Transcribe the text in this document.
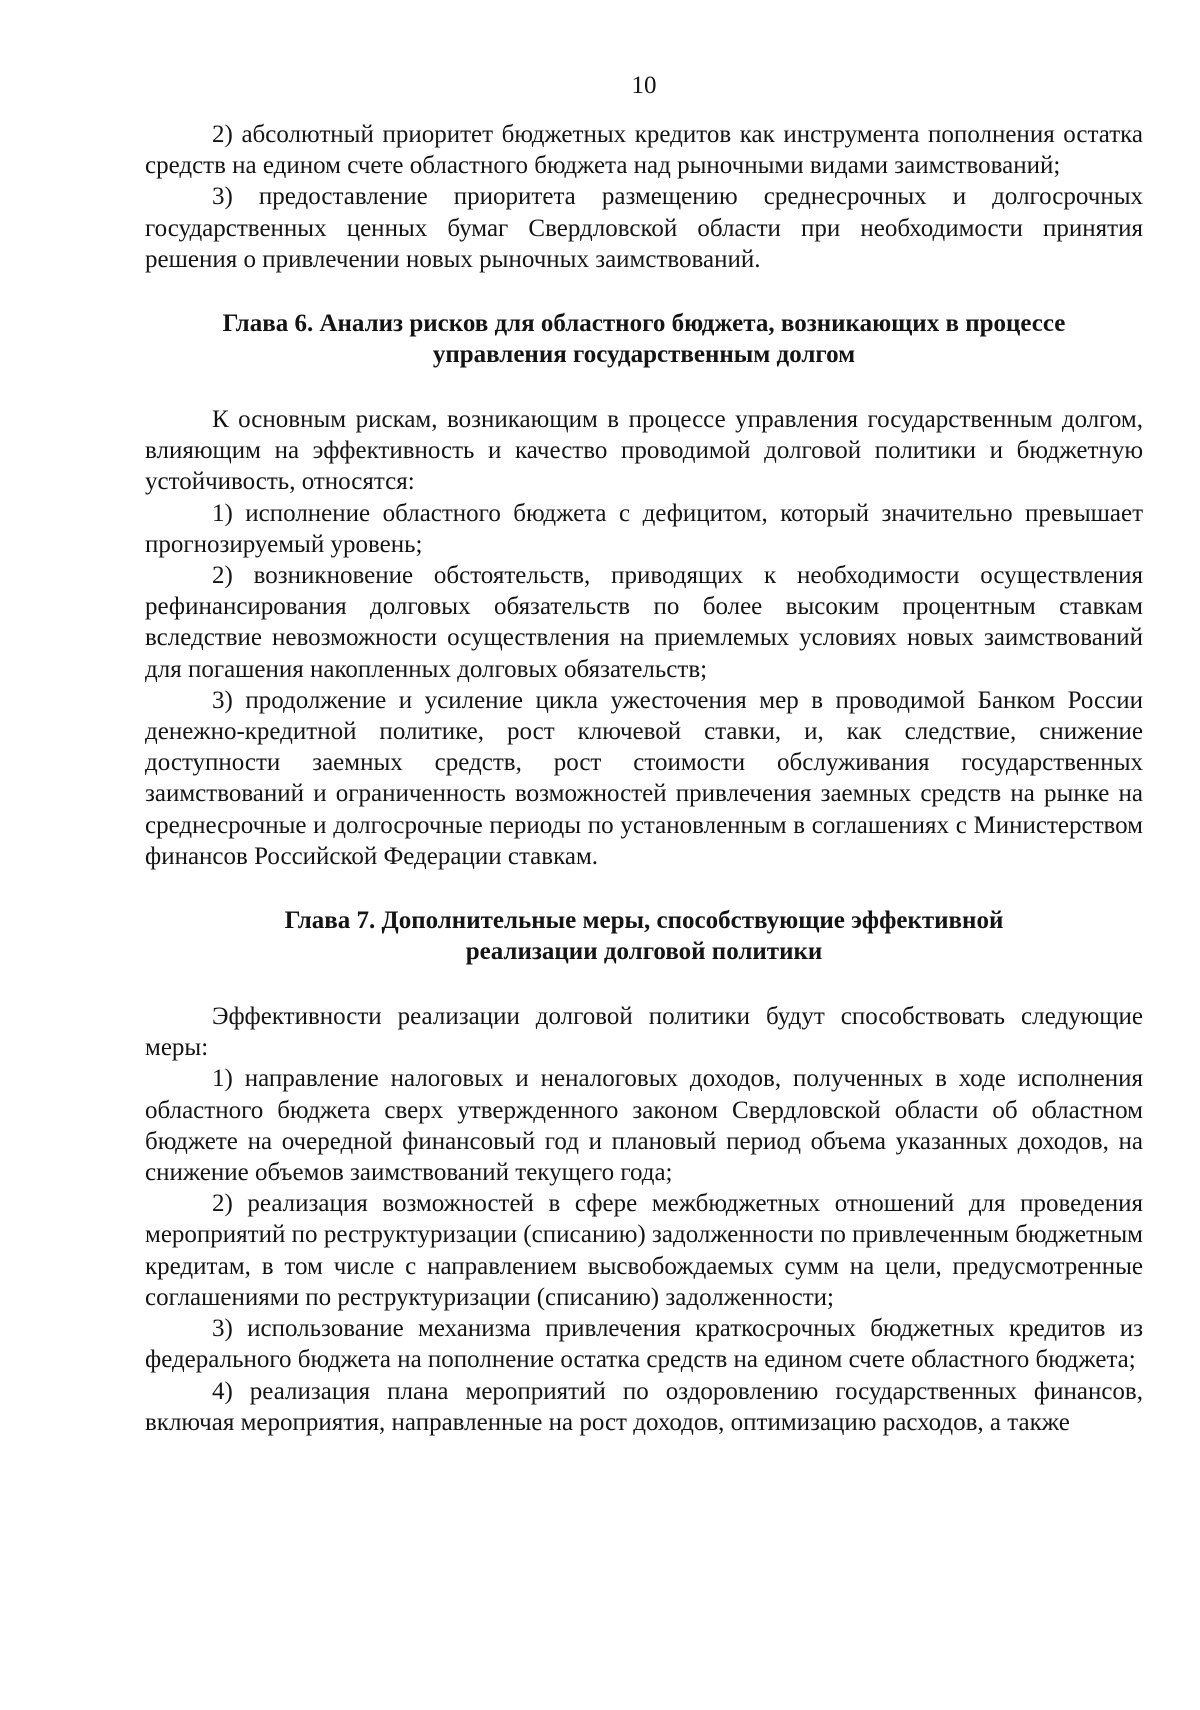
10

2) абсолютный приоритет бюджетных кредитов как инструмента пополнения остатка средств на едином счете областного бюджета над рыночными видами заимствований;

3) предоставление приоритета размещению среднесрочных и долгосрочных государственных ценных бумаг Свердловской области при необходимости принятия решения о привлечении новых рыночных заимствований.

Глава 6. Анализ рисков для областного бюджета, возникающих в процессе
управления государственным долгом

К основным рискам, возникающим в процессе управления государственным долгом, влияющим на эффективность и качество проводимой долговой политики и бюджетную устойчивость, относятся:

1) исполнение областного бюджета с дефицитом, который значительно превышает прогнозируемый уровень;

2) возникновение обстоятельств, приводящих к необходимости осуществления рефинансирования долговых обязательств по более высоким процентным ставкам вследствие невозможности осуществления на приемлемых условиях новых заимствований для погашения накопленных долговых обязательств;

3) продолжение и усиление цикла ужесточения мер в проводимой Банком России денежно-кредитной политике, рост ключевой ставки, и, как следствие, снижение доступности заемных средств, рост стоимости обслуживания государственных заимствований и ограниченность возможностей привлечения заемных средств на рынке на среднесрочные и долгосрочные периоды по установленным в соглашениях с Министерством финансов Российской Федерации ставкам.

Глава 7. Дополнительные меры, способствующие эффективной
реализации долговой политики

Эффективности реализации долговой политики будут способствовать следующие меры:

1) направление налоговых и неналоговых доходов, полученных в ходе исполнения областного бюджета сверх утвержденного законом Свердловской области об областном бюджете на очередной финансовый год и плановый период объема указанных доходов, на снижение объемов заимствований текущего года;

2) реализация возможностей в сфере межбюджетных отношений для проведения мероприятий по реструктуризации (списанию) задолженности по привлеченным бюджетным кредитам, в том числе с направлением высвобождаемых сумм на цели, предусмотренные соглашениями по реструктуризации (списанию) задолженности;

3) использование механизма привлечения краткосрочных бюджетных кредитов из федерального бюджета на пополнение остатка средств на едином счете областного бюджета;

4) реализация плана мероприятий по оздоровлению государственных финансов, включая мероприятия, направленные на рост доходов, оптимизацию расходов, а также
